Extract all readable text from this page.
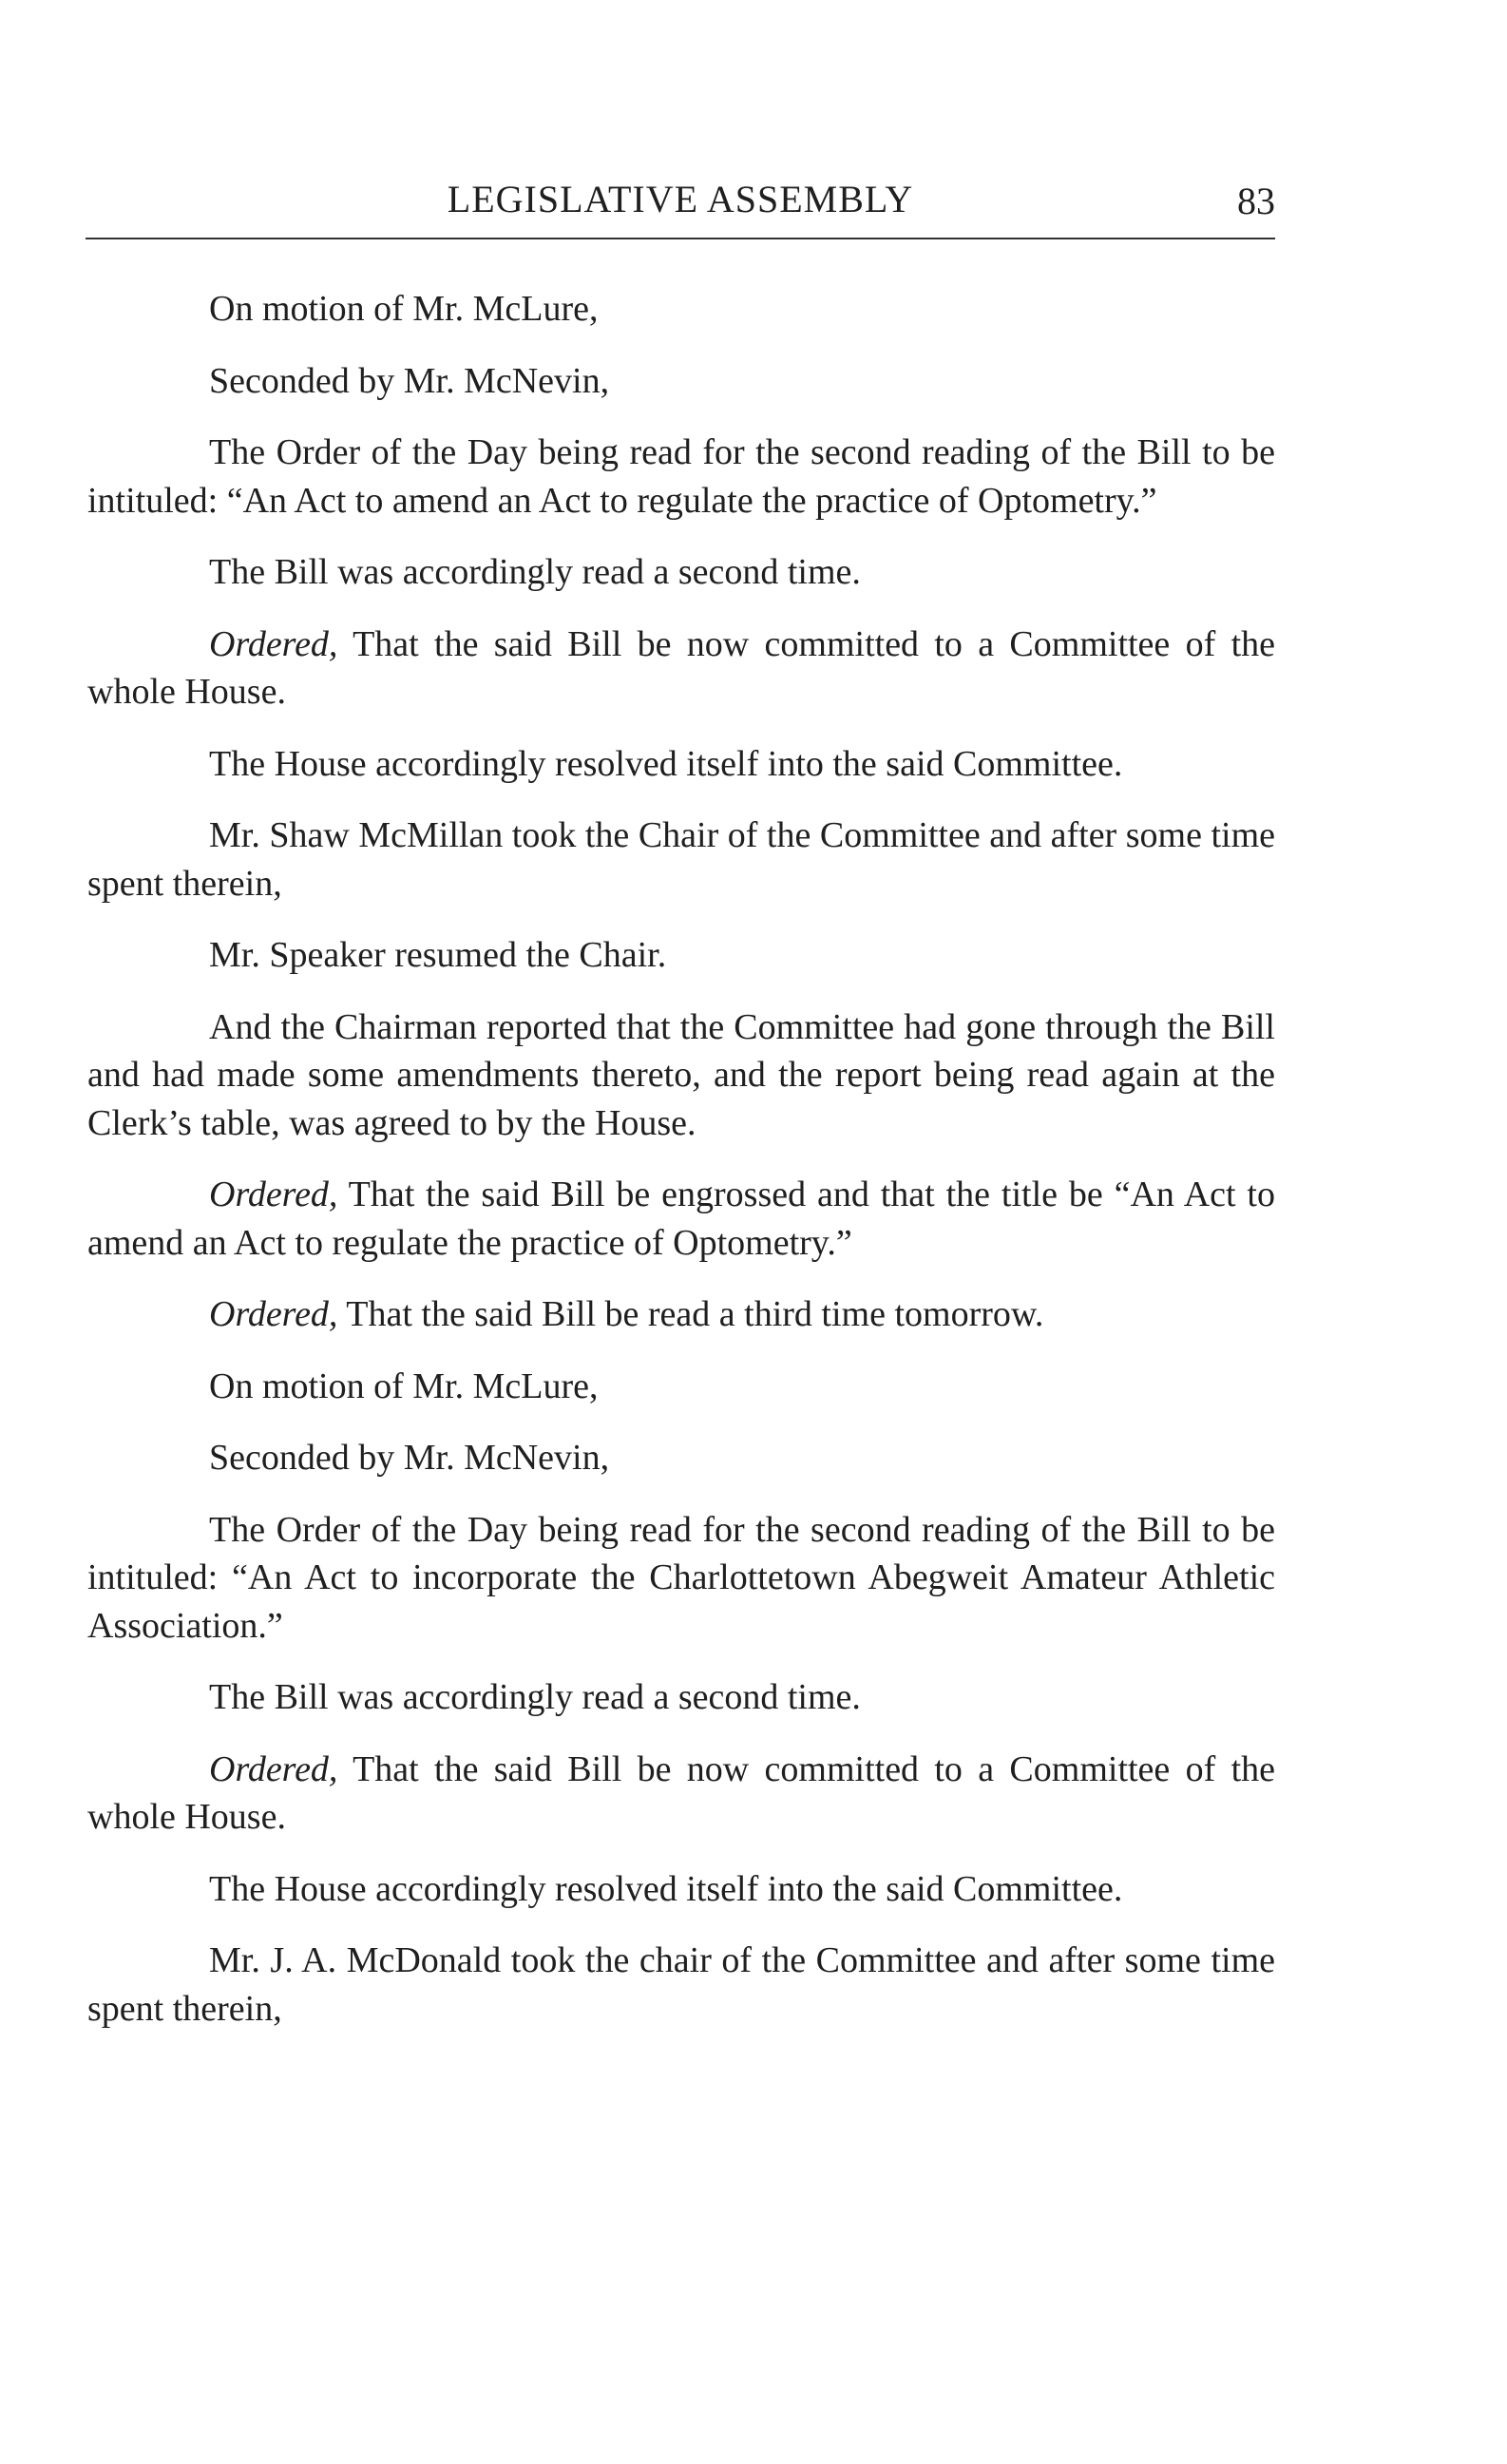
LEGISLATIVE ASSEMBLY	83

On motion of Mr. McLure,

Seconded by Mr. McNevin,

The Order of the Day being read for the second reading of the Bill to be intituled: “An Act to amend an Act to regulate the practice of Optometry.”

The Bill was accordingly read a second time.

Ordered, That the said Bill be now committed to a Committee of the whole House.

The House accordingly resolved itself into the said Committee.

Mr. Shaw McMillan took the Chair of the Committee and after some time spent therein,

Mr. Speaker resumed the Chair.

And the Chairman reported that the Committee had gone through the Bill and had made some amendments thereto, and the report being read again at the Clerk’s table, was agreed to by the House.

Ordered, That the said Bill be engrossed and that the title be “An Act to amend an Act to regulate the practice of Optometry.”

Ordered, That the said Bill be read a third time tomorrow.

On motion of Mr. McLure,

Seconded by Mr. McNevin,

The Order of the Day being read for the second reading of the Bill to be intituled: “An Act to incorporate the Charlottetown Abegweit Amateur Athletic Association.”

The Bill was accordingly read a second time.

Ordered, That the said Bill be now committed to a Committee of the whole House.

The House accordingly resolved itself into the said Committee.

Mr. J. A. McDonald took the chair of the Committee and after some time spent therein,
